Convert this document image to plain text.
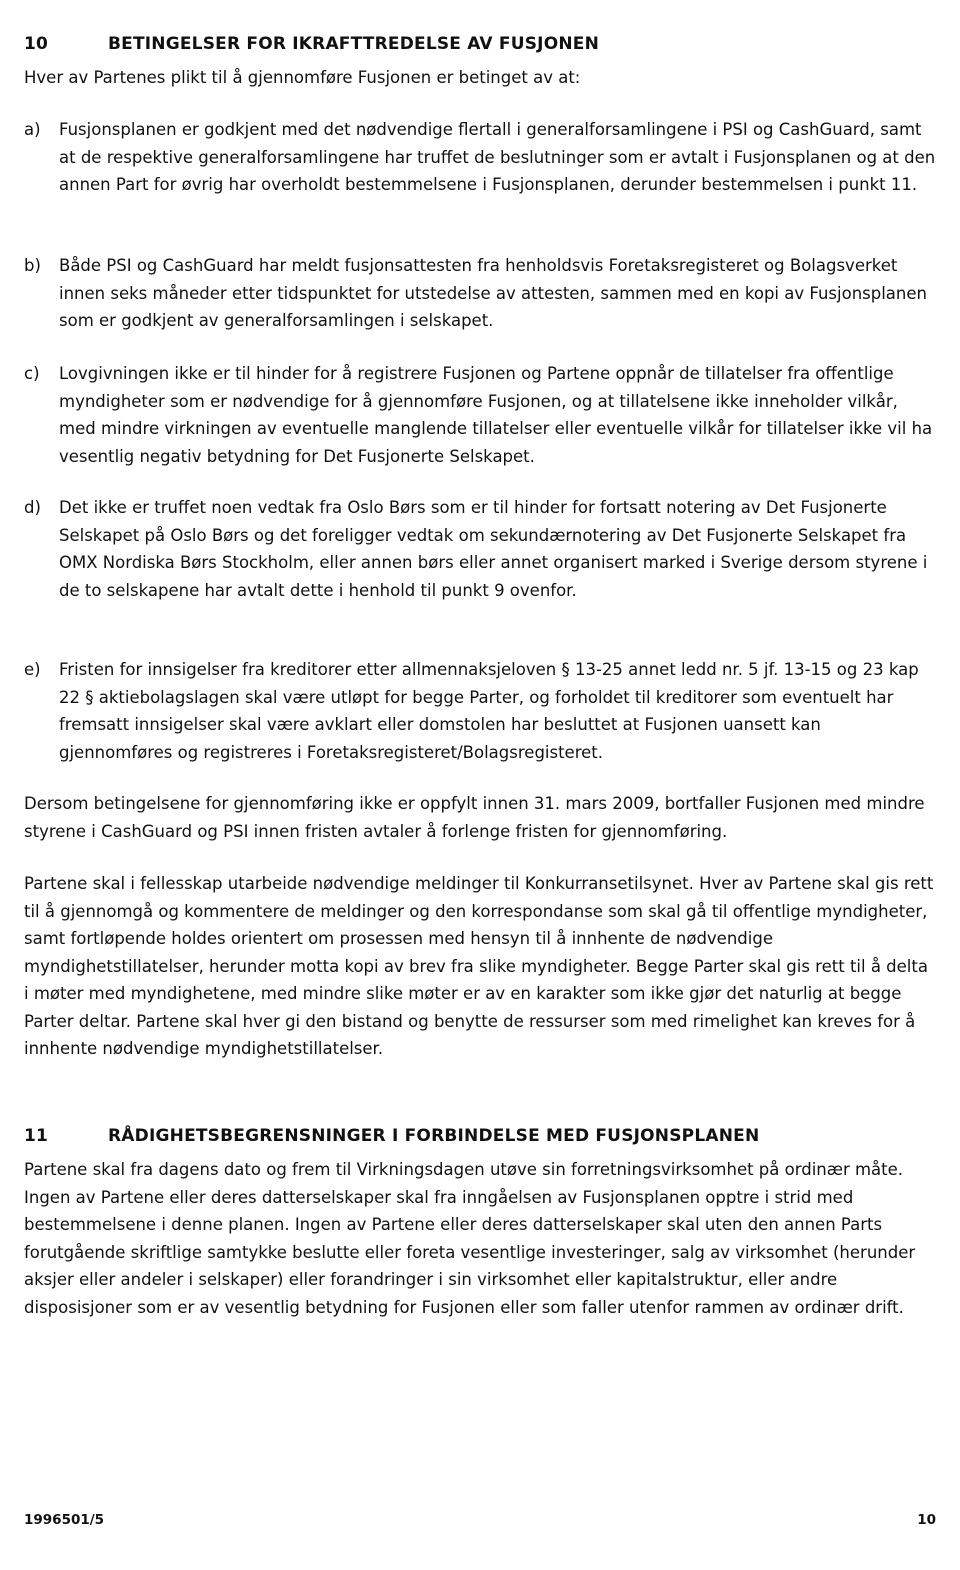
10	BETINGELSER FOR IKRAFTTREDELSE AV FUSJONEN

Hver av Partenes plikt til å gjennomføre Fusjonen er betinget av at:

a)	Fusjonsplanen er godkjent med det nødvendige flertall i generalforsamlingene i PSI og CashGuard, samt at de respektive generalforsamlingene har truffet de beslutninger som er avtalt i Fusjonsplanen og at den annen Part for øvrig har overholdt bestemmelsene i Fusjonsplanen, derunder bestemmelsen i punkt 11.
b)	Både PSI og CashGuard har meldt fusjonsattesten fra henholdsvis Foretaksregisteret og Bolagsverket innen seks måneder etter tidspunktet for utstedelse av attesten, sammen med en kopi av Fusjonsplanen som er godkjent av generalforsamlingen i selskapet.
c)	Lovgivningen ikke er til hinder for å registrere Fusjonen og Partene oppnår de tillatelser fra offentlige myndigheter som er nødvendige for å gjennomføre Fusjonen, og at tillatelsene ikke inneholder vilkår, med mindre virkningen av eventuelle manglende tillatelser eller eventuelle vilkår for tillatelser ikke vil ha vesentlig negativ betydning for Det Fusjonerte Selskapet.
d)	Det ikke er truffet noen vedtak fra Oslo Børs som er til hinder for fortsatt notering av Det Fusjonerte Selskapet på Oslo Børs og det foreligger vedtak om sekundærnotering av Det Fusjonerte Selskapet fra OMX Nordiska Børs Stockholm, eller annen børs eller annet organisert marked i Sverige dersom styrene i de to selskapene har avtalt dette i henhold til punkt 9 ovenfor.
e)	Fristen for innsigelser fra kreditorer etter allmennaksjeloven § 13-25 annet ledd nr. 5 jf. 13-15 og 23 kap 22 § aktiebolagslagen skal være utløpt for begge Parter, og forholdet til kreditorer som eventuelt har fremsatt innsigelser skal være avklart eller domstolen har besluttet at Fusjonen uansett kan gjennomføres og registreres i Foretaksregisteret/Bolagsregisteret.

Dersom betingelsene for gjennomføring ikke er oppfylt innen 31. mars 2009, bortfaller Fusjonen med mindre styrene i CashGuard og PSI innen fristen avtaler å forlenge fristen for gjennomføring.

Partene skal i fellesskap utarbeide nødvendige meldinger til Konkurransetilsynet. Hver av Partene skal gis rett til å gjennomgå og kommentere de meldinger og den korrespondanse som skal gå til offentlige myndigheter, samt fortløpende holdes orientert om prosessen med hensyn til å innhente de nødvendige myndighetstillatelser, herunder motta kopi av brev fra slike myndigheter. Begge Parter skal gis rett til å delta i møter med myndighetene, med mindre slike møter er av en karakter som ikke gjør det naturlig at begge Parter deltar. Partene skal hver gi den bistand og benytte de ressurser som med rimelighet kan kreves for å innhente nødvendige myndighetstillatelser.

11	RÅDIGHETSBEGRENSNINGER I FORBINDELSE MED FUSJONSPLANEN

Partene skal fra dagens dato og frem til Virkningsdagen utøve sin forretningsvirksomhet på ordinær måte. Ingen av Partene eller deres datterselskaper skal fra inngåelsen av Fusjonsplanen opptre i strid med bestemmelsene i denne planen. Ingen av Partene eller deres datterselskaper skal uten den annen Parts forutgående skriftlige samtykke beslutte eller foreta vesentlige investeringer, salg av virksomhet (herunder aksjer eller andeler i selskaper) eller forandringer i sin virksomhet eller kapitalstruktur, eller andre disposisjoner som er av vesentlig betydning for Fusjonen eller som faller utenfor rammen av ordinær drift.

1996501/5	10
